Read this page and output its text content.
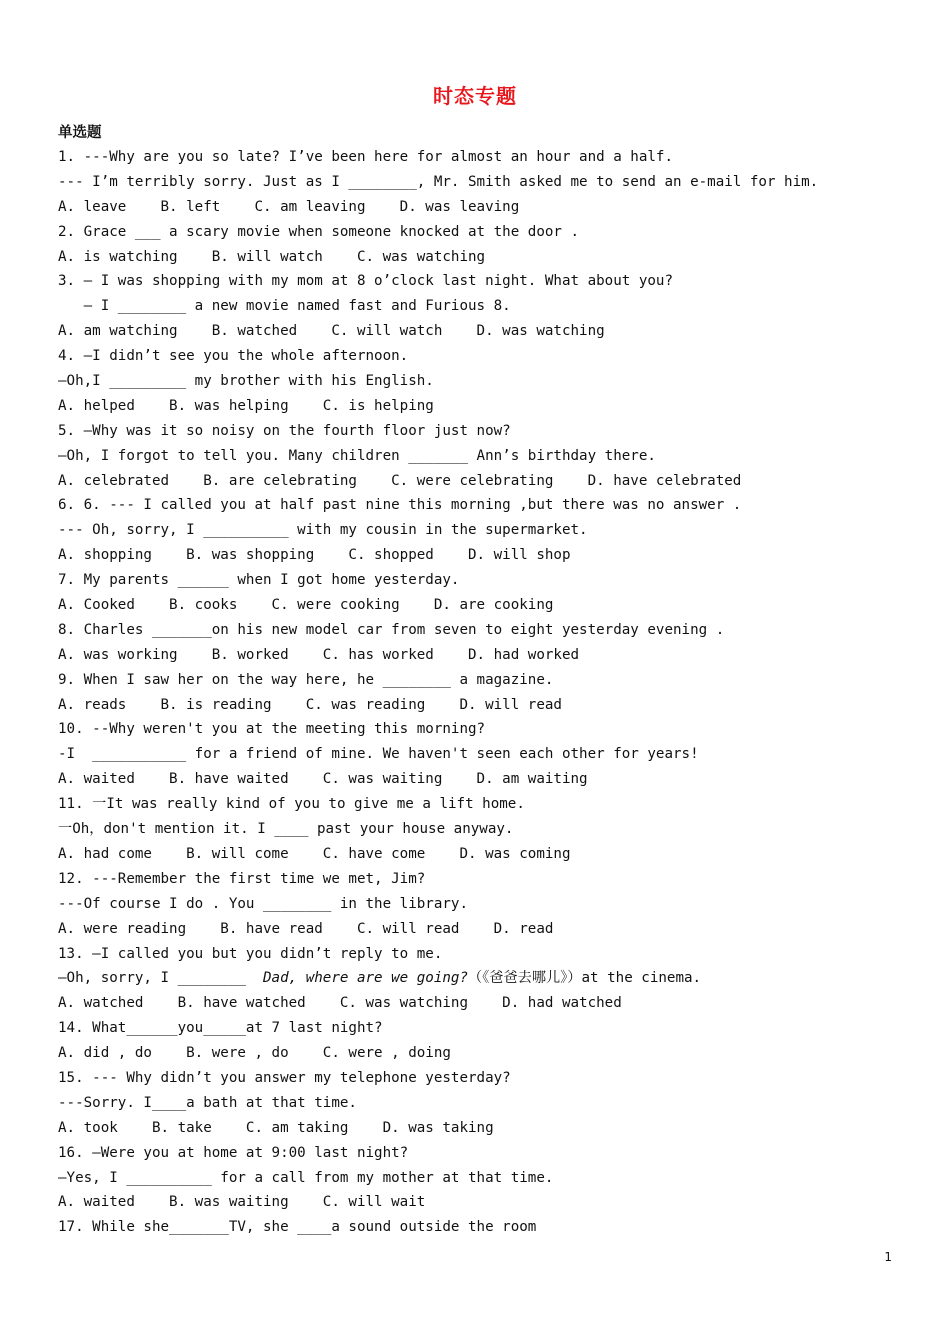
时态专题
单选题
1. ---Why are you so late? I’ve been here for almost an hour and a half.
--- I’m terribly sorry. Just as I ________, Mr. Smith asked me to send an e-mail for him.
A. leave    B. left    C. am leaving    D. was leaving
2. Grace ___ a scary movie when someone knocked at the door .
A. is watching    B. will watch    C. was watching
3. — I was shopping with my mom at 8 o’clock last night. What about you?
— I ________ a new movie named fast and Furious 8.
A. am watching    B. watched    C. will watch    D. was watching
4. —I didn’t see you the whole afternoon.
—Oh,I _________ my brother with his English.
A. helped    B. was helping    C. is helping
5. —Why was it so noisy on the fourth floor just now?
—Oh, I forgot to tell you. Many children _______ Ann’s birthday there.
A. celebrated    B. are celebrating    C. were celebrating    D. have celebrated
6. 6. --- I called you at half past nine this morning ,but there was no answer .
--- Oh, sorry, I __________ with my cousin in the supermarket.
A. shopping    B. was shopping    C. shopped    D. will shop
7. My parents ______ when I got home yesterday.
A. Cooked    B. cooks    C. were cooking    D. are cooking
8. Charles _______on his new model car from seven to eight yesterday evening .
A. was working    B. worked    C. has worked    D. had worked
9. When I saw her on the way here, he ________ a magazine.
A. reads    B. is reading    C. was reading    D. will read
10. --Why weren't you at the meeting this morning?
-I  ___________ for a friend of mine. We haven't seen each other for years!
A. waited    B. have waited    C. was waiting    D. am waiting
11. 一It was really kind of you to give me a lift home.
一Oh，don't mention it. I ____ past your house anyway.
A. had come    B. will come    C. have come    D. was coming
12. ---Remember the first time we met, Jim?
---Of course I do . You ________ in the library.
A. were reading    B. have read    C. will read    D. read
13. —I called you but you didn’t reply to me.
—Oh, sorry, I ________  Dad, where are we going?（《爸爸去哪儿》）at the cinema.
A. watched    B. have watched    C. was watching    D. had watched
14. What______you_____at 7 last night?
A. did , do    B. were , do    C. were , doing
15. --- Why didn’t you answer my telephone yesterday?
---Sorry. I____a bath at that time.
A. took    B. take    C. am taking    D. was taking
16. —Were you at home at 9:00 last night?
—Yes, I __________ for a call from my mother at that time.
A. waited    B. was waiting    C. will wait
17. While she_______TV, she ____a sound outside the room
1
